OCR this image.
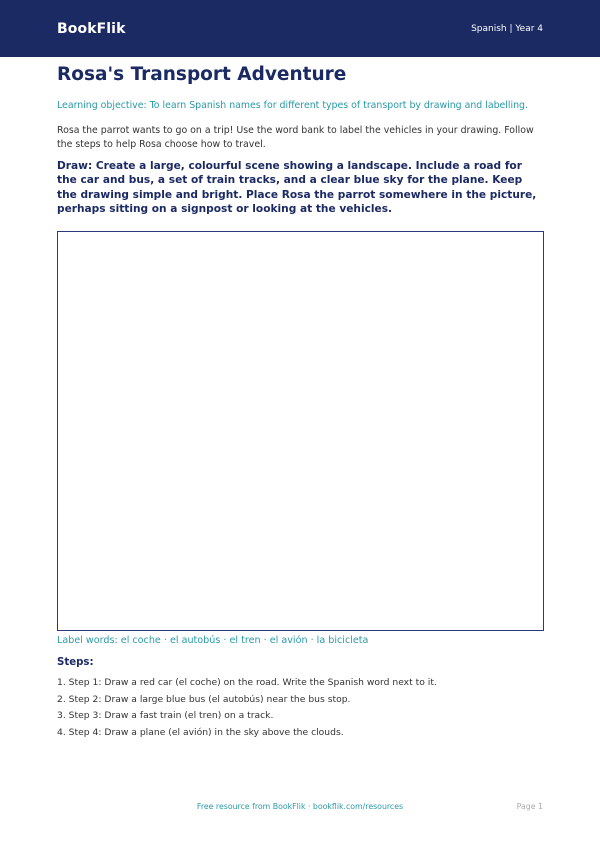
BookFlik	Spanish | Year 4
Rosa's Transport Adventure

Learning objective: To learn Spanish names for different types of transport by drawing and labelling.

Rosa the parrot wants to go on a trip! Use the word bank to label the vehicles in your drawing. Follow the steps to help Rosa choose how to travel.

Draw: Create a large, colourful scene showing a landscape. Include a road for the car and bus, a set of train tracks, and a clear blue sky for the plane. Keep the drawing simple and bright. Place Rosa the parrot somewhere in the picture, perhaps sitting on a signpost or looking at the vehicles.

Label words: el coche · el autobús · el tren · el avión · la bicicleta

Steps:
1. Step 1: Draw a red car (el coche) on the road. Write the Spanish word next to it.
2. Step 2: Draw a large blue bus (el autobús) near the bus stop.
3. Step 3: Draw a fast train (el tren) on a track.
4. Step 4: Draw a plane (el avión) in the sky above the clouds.
Free resource from BookFlik · bookflik.com/resources	Page 1
